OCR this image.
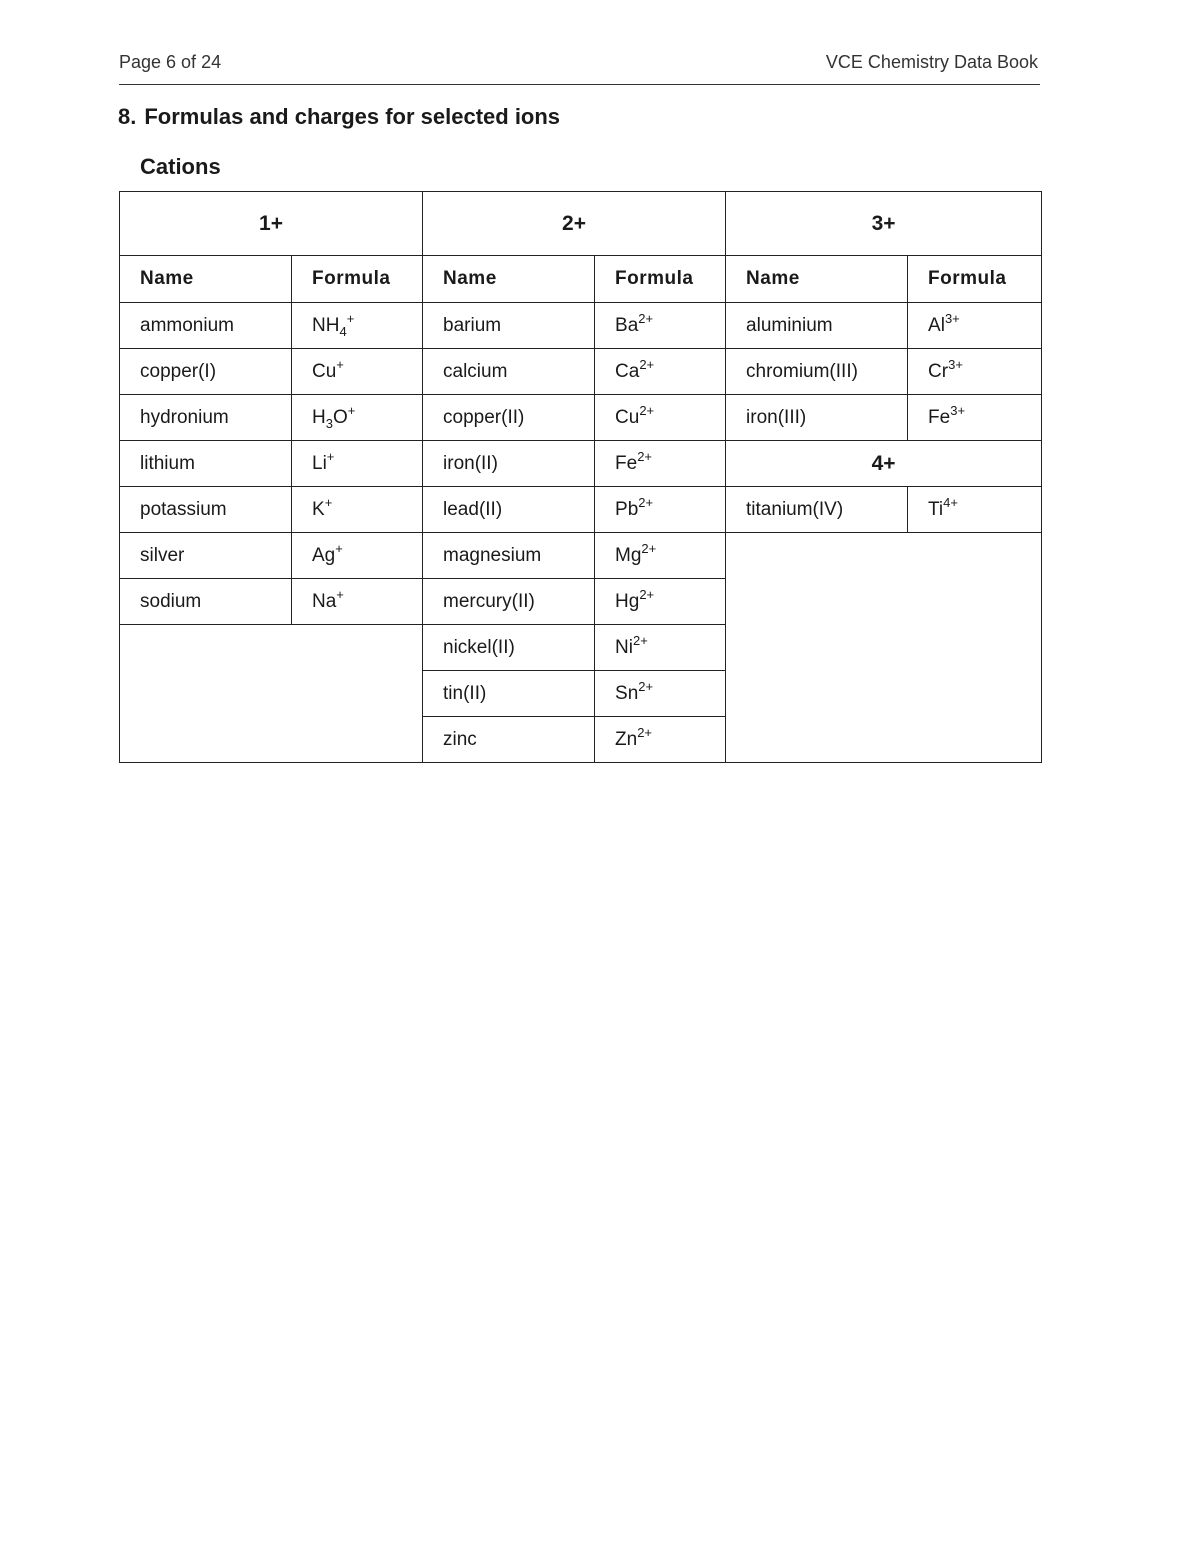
Page 6 of 24	VCE Chemistry Data Book
8. Formulas and charges for selected ions
Cations
1+		2+		3+	
Name	Formula	Name	Formula	Name	Formula
ammonium	$NH_4^+$	barium	$Ba^{2+}$	aluminium	$Al^{3+}$
copper(I)	Cu+	calcium	$Ca^{2+}$	chromium(III)	$Cr^{3+}$
hydronium	$H_3O^+$	copper(II)	$Cu^{2+}$	iron(III)	$Fe^{3+}$
lithium	Li+	iron(II)	$Fe^{2+}$	4+	
potassium	K+	lead(II)	$Pb^{2+}$	titanium(IV)	$Ti^{4+}$
silver	Ag+	magnesium	$Mg^{2+}$	
sodium	Na+	mercury(II)	$Hg^{2+}$
		nickel(II)	$Ni^{2+}$
		tin(II)	$Sn^{2+}$
		zinc	$Zn^{2+}$
